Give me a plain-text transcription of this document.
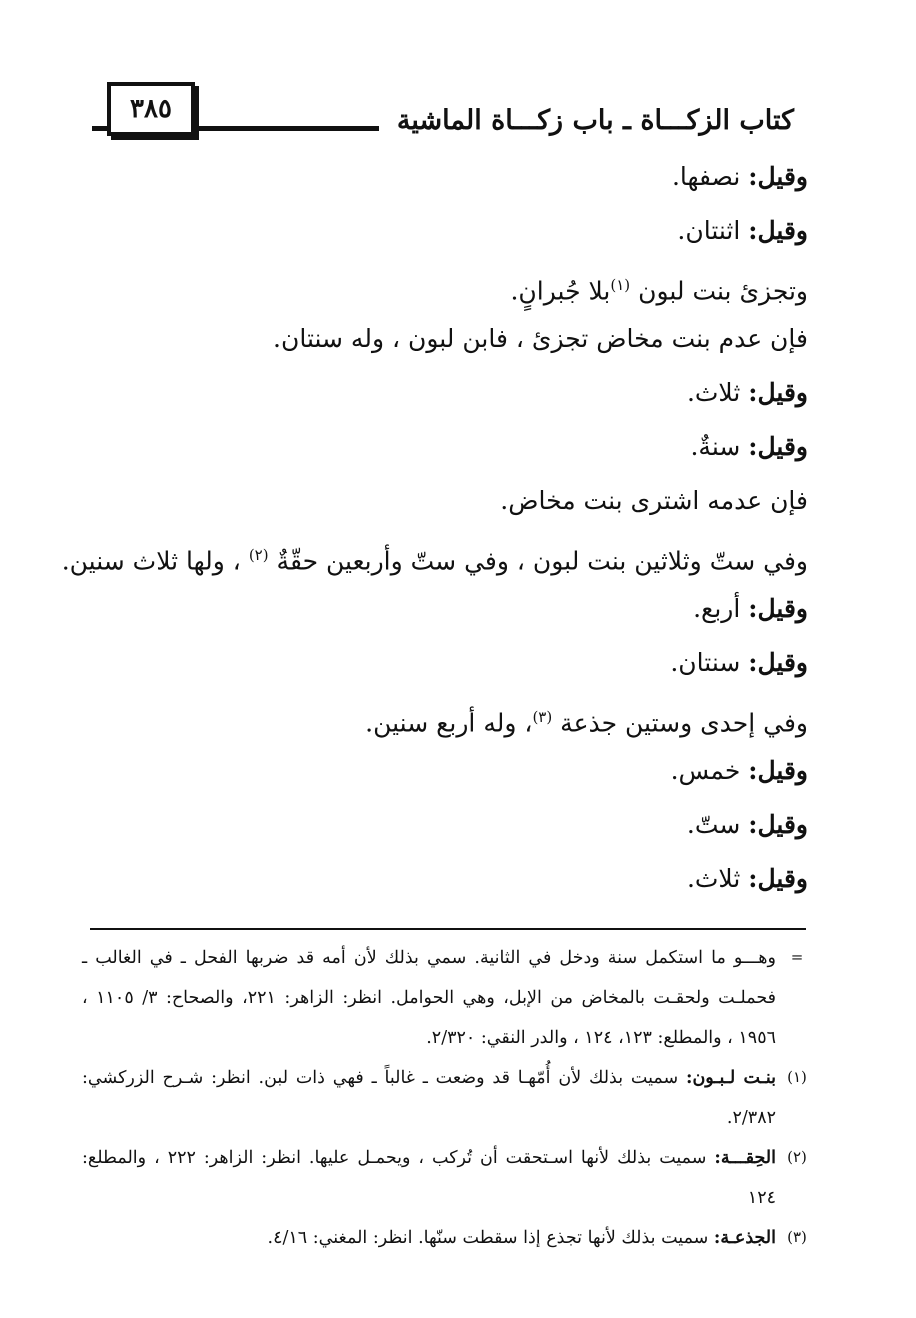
كتاب الزكـــاة ـ باب زكـــاة الماشية
٣٨٥
وقيل: نصفها.
وقيل: اثنتان.
وتجزئ بنت لبون $^{(١)}$بلا جُبرانٍ.
فإن عدم بنت مخاض تجزئ ، فابن لبون ، وله سنتان.
وقيل: ثلاث.
وقيل: سنةٌ.
فإن عدمه اشترى بنت مخاض.
وفي ستّ وثلاثين بنت لبون ، وفي ستّ وأربعين حقّةٌ $^{(٢)}$ ، ولها ثلاث سنين.
وقيل: أربع.
وقيل: سنتان.
وفي إحدى وستين جذعة $^{(٣)}$، وله أربع سنين.
وقيل: خمس.
وقيل: ستّ.
وقيل: ثلاث.
=
وهـــو ما استكمل سنة ودخل في الثانية. سمي بذلك لأن أمه قد ضربها الفحل ـ في الغالب ـ فحملـت ولحقـت بالمخاض من الإبل، وهي الحوامل. انظر: الزاهر: ٢٢١، والصحاح: ٣/ ١١٠٥ ، ١٩٥٦ ، والمطلع: ١٢٣، ١٢٤ ، والدر النقي: ٢/٣٢٠.
(١)
بنـت لـبـون: سميت بذلك لأن أُمّهـا قد وضعت ـ غالباً ـ فهي ذات لبن. انظر: شـرح الزركشي: ٢/٣٨٢.
(٢)
الحِقـــة: سميت بذلك لأنها اسـتحقت أن تُركب ، ويحمـل عليها. انظر: الزاهر: ٢٢٢ ، والمطلع: ١٢٤
(٣)
الجذعـة: سميت بذلك لأنها تجذع إذا سقطت سنّها. انظر: المغني: ٤/١٦.
